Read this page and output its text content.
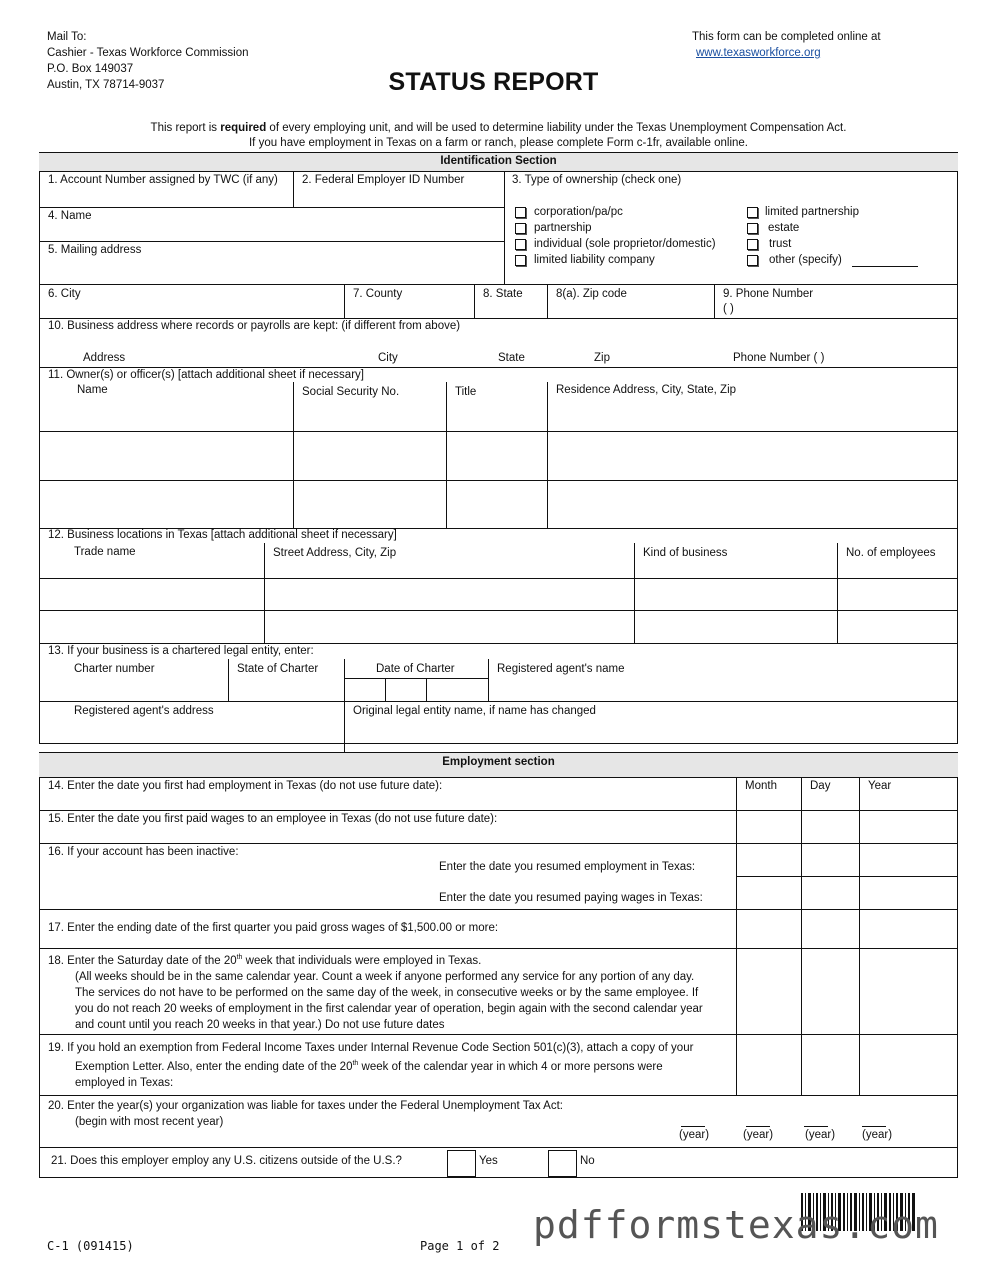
Mail To:
Cashier - Texas Workforce Commission
P.O. Box 149037
Austin, TX 78714-9037
This form can be completed online at
www.texasworkforce.org
STATUS REPORT
This report is required of every employing unit, and will be used to determine liability under the Texas Unemployment Compensation Act.
If you have employment in Texas on a farm or ranch, please complete Form c-1fr, available online.
Identification Section
1. Account Number assigned by TWC (if any) 2. Federal Employer ID Number	3. Type of ownership (check one)
4. Name
5. Mailing address
corporation/pa/pc
partnership
individual (sole proprietor/domestic)
limited liability company
limited partnership
estate
trust
other (specify)
6. City	7. County	8. State	8(a). Zip code	9. Phone Number
( )
10. Business address where records or payrolls are kept: (if different from above)
Address	City	State	Zip	Phone Number ( )
11. Owner(s) or officer(s) [attach additional sheet if necessary]
Name	Social Security No.	Title	Residence Address, City, State, Zip
12. Business locations in Texas [attach additional sheet if necessary]
Trade name	Street Address, City, Zip	Kind of business	No. of employees
13. If your business is a chartered legal entity, enter:
Charter number	State of Charter	Date of Charter	Registered agent's name
Registered agent's address	Original legal entity name, if name has changed
Employment section
Month	Day	Year
14. Enter the date you first had employment in Texas (do not use future date):
15. Enter the date you first paid wages to an employee in Texas (do not use future date):
16. If your account has been inactive:
Enter the date you resumed employment in Texas:
Enter the date you resumed paying wages in Texas:
17. Enter the ending date of the first quarter you paid gross wages of $1,500.00 or more:
18. Enter the Saturday date of the 20th week that individuals were employed in Texas.
(All weeks should be in the same calendar year. Count a week if anyone performed any service for any portion of any day.
The services do not have to be performed on the same day of the week, in consecutive weeks or by the same employee. If
you do not reach 20 weeks of employment in the first calendar year of operation, begin again with the second calendar year
and count until you reach 20 weeks in that year.) Do not use future dates
19. If you hold an exemption from Federal Income Taxes under Internal Revenue Code Section 501(c)(3), attach a copy of your
Exemption Letter. Also, enter the ending date of the 20th week of the calendar year in which 4 or more persons were
employed in Texas:
20. Enter the year(s) your organization was liable for taxes under the Federal Unemployment Tax Act:
(begin with most recent year)
(year)	(year)	(year) (year)
21. Does this employer employ any U.S. citizens outside of the U.S.?	Yes	No
C-1 (091415)	Page 1 of 2 pdfformstexas.com
